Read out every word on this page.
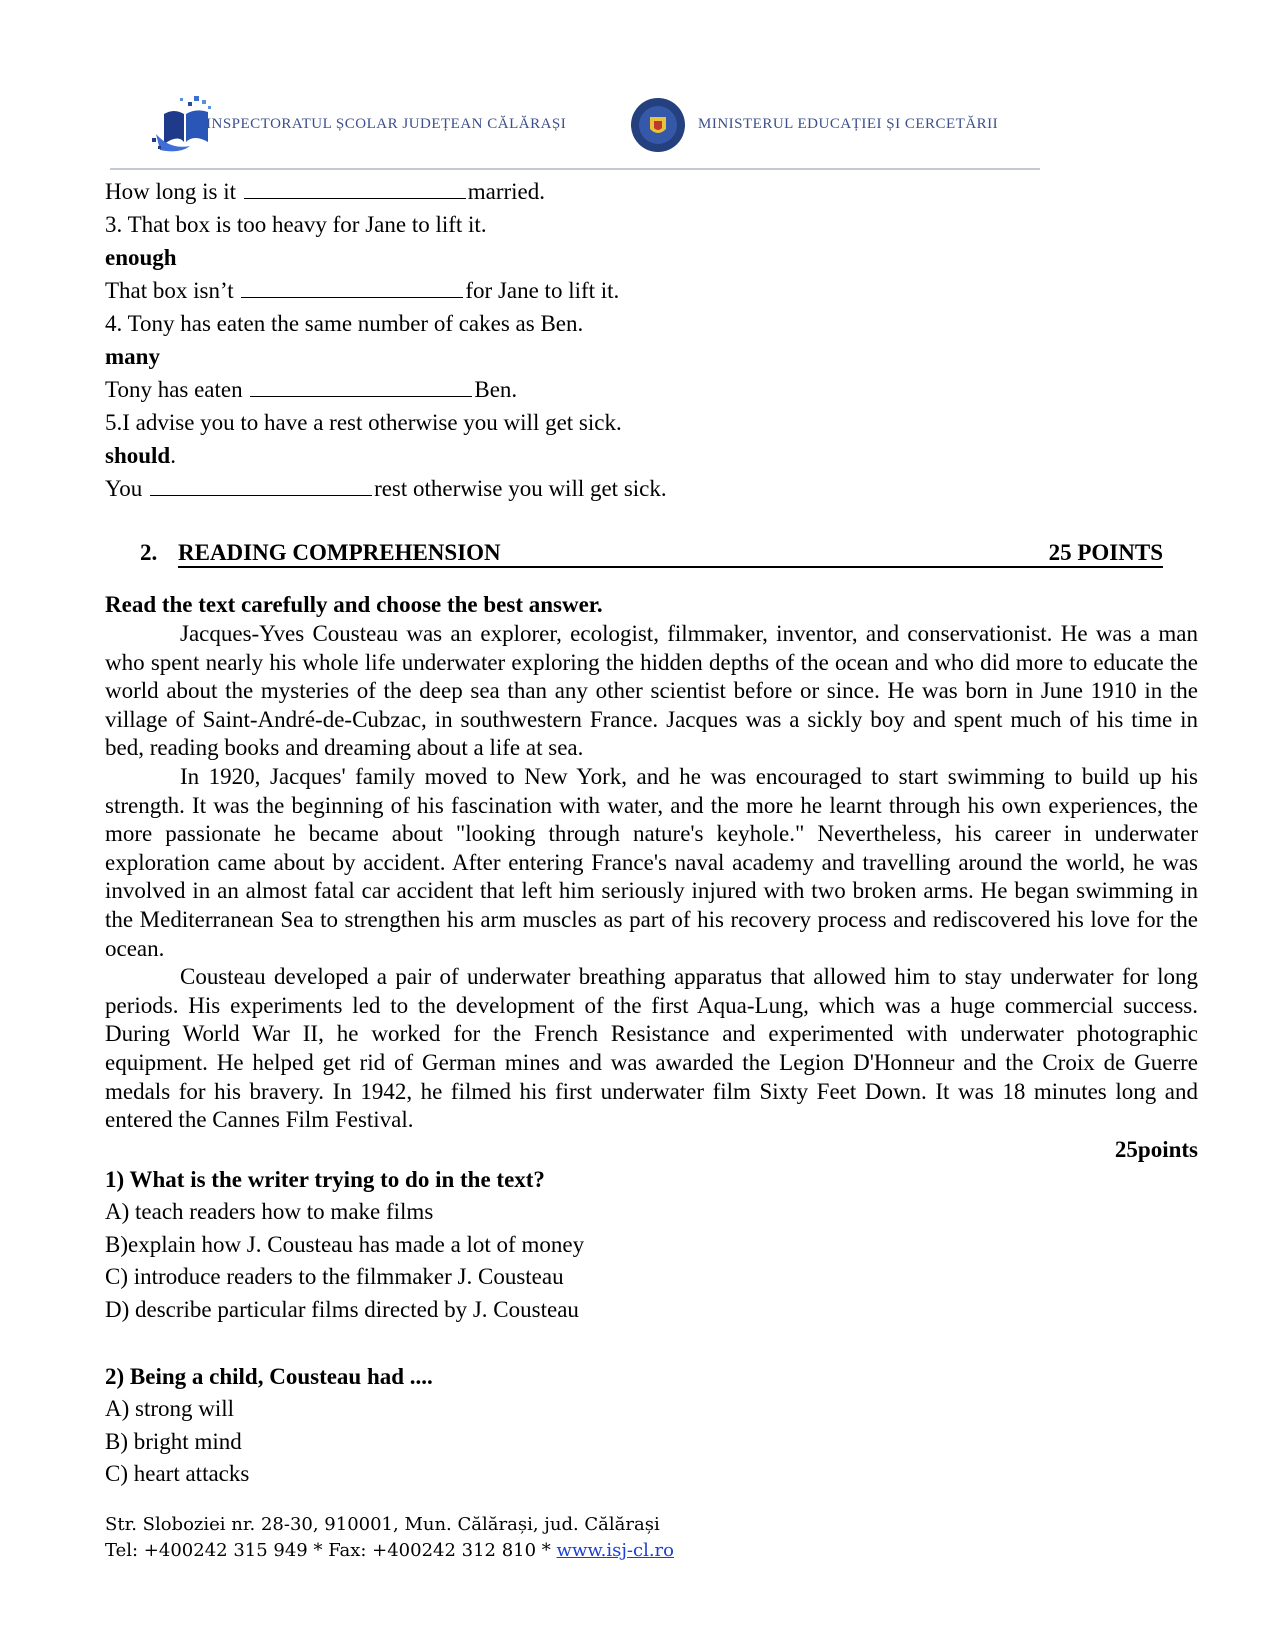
INSPECTORATUL ȘCOLAR JUDEȚEAN CĂLĂRAȘI	MINISTERUL EDUCAȚIEI ȘI CERCETĂRII
How long is it	married.
3. That box is too heavy for Jane to lift it.
enough
That box isn’t	for Jane to lift it.
4. Tony has eaten the same number of cakes as Ben.
many
Tony has eaten	Ben.
5.I advise you to have a rest otherwise you will get sick.
should.
You	rest otherwise you will get sick.
2. READING COMPREHENSION	25 POINTS
Read the text carefully and choose the best answer.

Jacques-Yves Cousteau was an explorer, ecologist, filmmaker, inventor, and conservationist. He was a man who spent nearly his whole life underwater exploring the hidden depths of the ocean and who did more to educate the world about the mysteries of the deep sea than any other scientist before or since. He was born in June 1910 in the village of Saint-André-de-Cubzac, in southwestern France. Jacques was a sickly boy and spent much of his time in bed, reading books and dreaming about a life at sea.

In 1920, Jacques' family moved to New York, and he was encouraged to start swimming to build up his strength. It was the beginning of his fascination with water, and the more he learnt through his own experiences, the more passionate he became about "looking through nature's keyhole." Nevertheless, his career in underwater exploration came about by accident. After entering France's naval academy and travelling around the world, he was involved in an almost fatal car accident that left him seriously injured with two broken arms. He began swimming in the Mediterranean Sea to strengthen his arm muscles as part of his recovery process and rediscovered his love for the ocean.

Cousteau developed a pair of underwater breathing apparatus that allowed him to stay underwater for long periods. His experiments led to the development of the first Aqua-Lung, which was a huge commercial success. During World War II, he worked for the French Resistance and experimented with underwater photographic equipment. He helped get rid of German mines and was awarded the Legion D'Honneur and the Croix de Guerre medals for his bravery. In 1942, he filmed his first underwater film Sixty Feet Down. It was 18 minutes long and entered the Cannes Film Festival.

25points
1) What is the writer trying to do in the text?
A) teach readers how to make films
B)explain how J. Cousteau has made a lot of money
C) introduce readers to the filmmaker J. Cousteau
D) describe particular films directed by J. Cousteau
2) Being a child, Cousteau had ....
A) strong will
B) bright mind
C) heart attacks
Str. Sloboziei nr. 28-30, 910001, Mun. Călărași, jud. Călărași
Tel: +400242 315 949 * Fax: +400242 312 810 * www.isj-cl.ro
